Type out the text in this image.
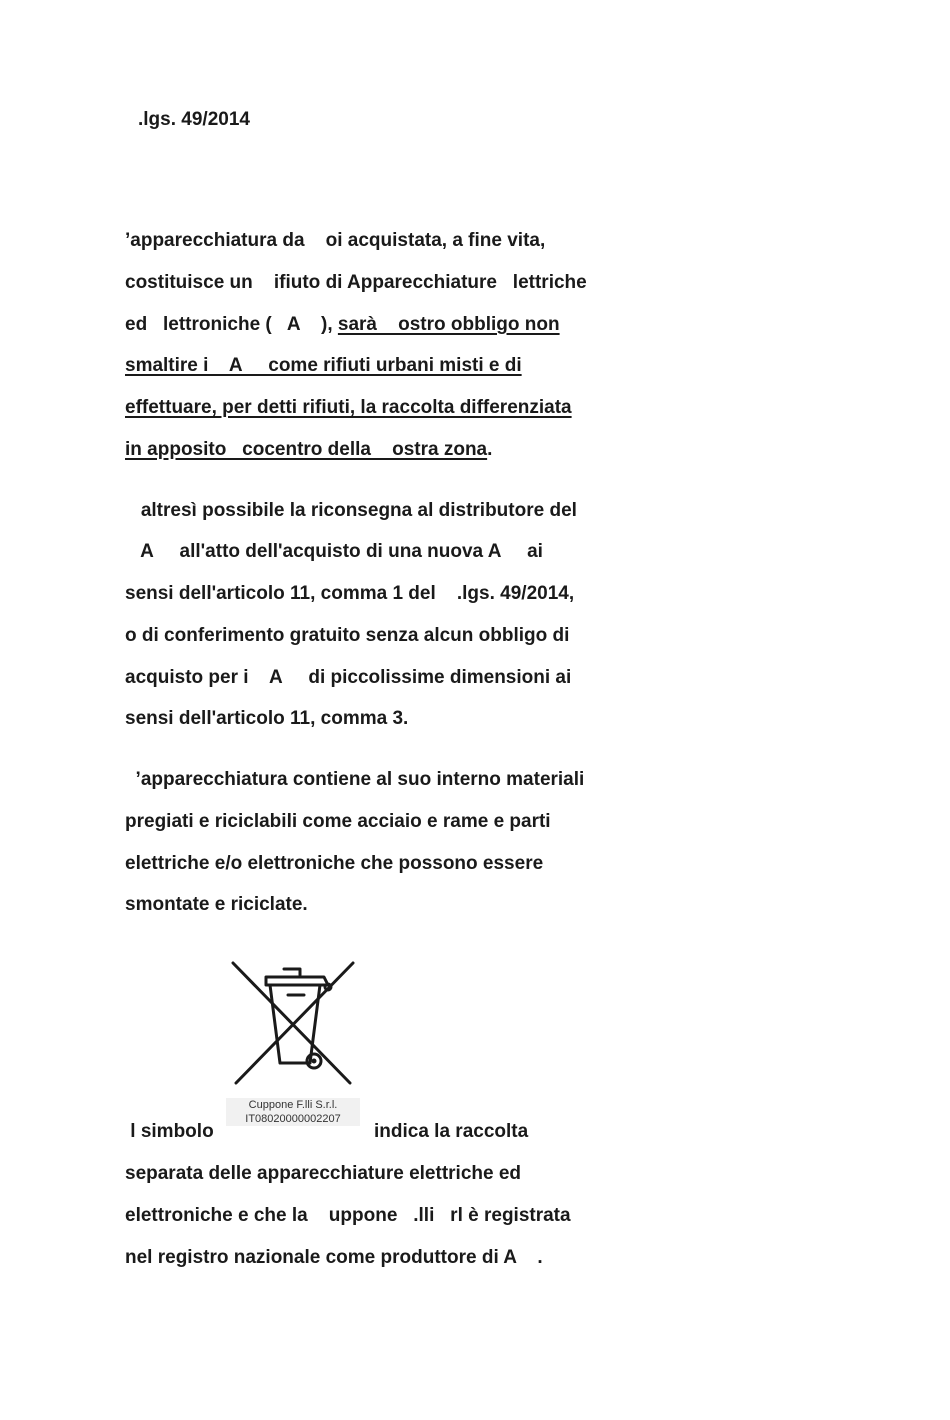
.lgs. 49/2014
’apparecchiatura da    oi acquistata, a fine vita,
costituisce un    ifiuto di Apparecchiature   lettriche
ed   lettroniche (   A    ), sarà    ostro obbligo non
smaltire i    A     come rifiuti urbani misti e di
effettuare, per detti rifiuti, la raccolta differenziata
in apposito   cocentro della    ostra zona.
altresì possibile la riconsegna al distributore del
A     all'atto dell'acquisto di una nuova A     ai
sensi dell'articolo 11, comma 1 del    .lgs. 49/2014,
o di conferimento gratuito senza alcun obbligo di
acquisto per i    A     di piccolissime dimensioni ai
sensi dell'articolo 11, comma 3.
’apparecchiatura contiene al suo interno materiali
pregiati e riciclabili come acciaio e rame e parti
elettriche e/o elettroniche che possono essere
smontate e riciclate.
Cuppone F.lli S.r.l.
IT08020000002207
l simbolo	indica la raccolta
separata delle apparecchiature elettriche ed
elettroniche e che la    uppone   .lli   rl è registrata
nel registro nazionale come produttore di A    .
